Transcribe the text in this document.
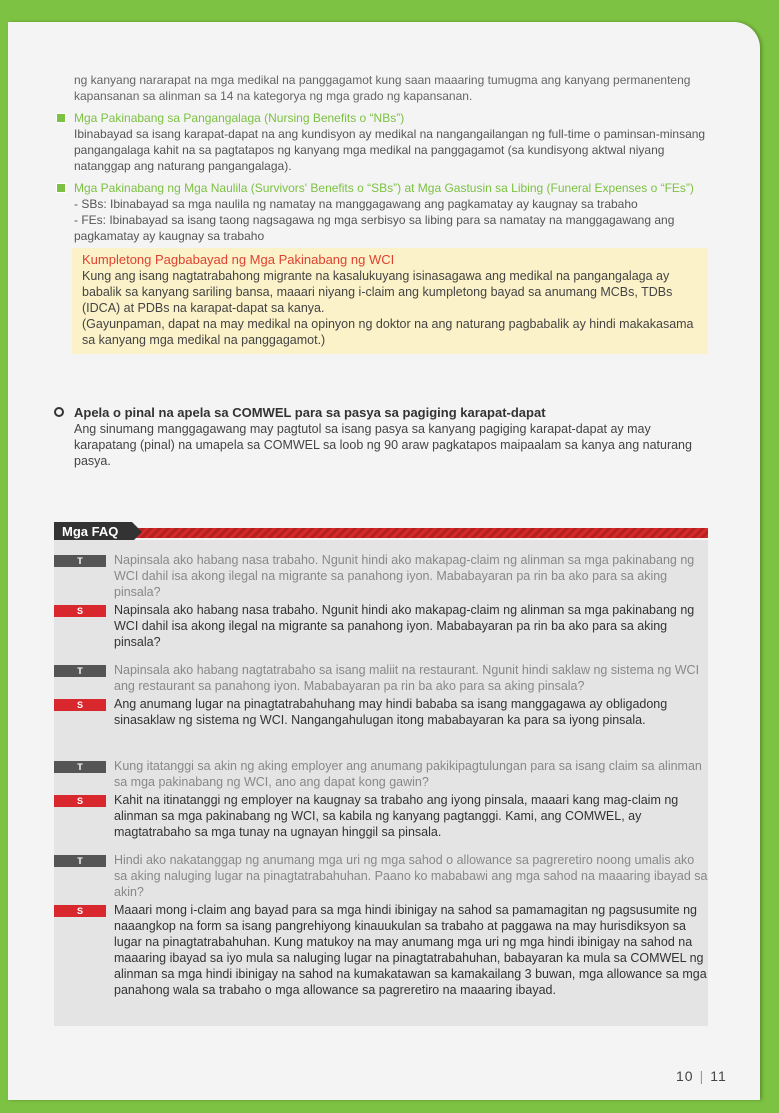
ng kanyang nararapat na mga medikal na panggagamot kung saan maaaring tumugma ang kanyang permanenteng kapansanan sa alinman sa 14 na kategorya ng mga grado ng kapansanan.
Mga Pakinabang sa Pangangalaga (Nursing Benefits o “NBs”)
Ibinabayad sa isang karapat-dapat na ang kundisyon ay medikal na nangangailangan ng full-time o paminsan-minsang pangangalaga kahit na sa pagtatapos ng kanyang mga medikal na panggagamot (sa kundisyong aktwal niyang natanggap ang naturang pangangalaga).
Mga Pakinabang ng Mga Naulila (Survivors' Benefits o “SBs”) at Mga Gastusin sa Libing (Funeral Expenses o “FEs”)
- SBs: Ibinabayad sa mga naulila ng namatay na manggagawang ang pagkamatay ay kaugnay sa trabaho
- FEs: Ibinabayad sa isang taong nagsagawa ng mga serbisyo sa libing para sa namatay na manggagawang ang pagkamatay ay kaugnay sa trabaho
Kumpletong Pagbabayad ng Mga Pakinabang ng WCI
Kung ang isang nagtatrabahong migrante na kasalukuyang isinasagawa ang medikal na pangangalaga ay babalik sa kanyang sariling bansa, maaari niyang i-claim ang kumpletong bayad sa anumang MCBs, TDBs (IDCA) at PDBs na karapat-dapat sa kanya.
(Gayunpaman, dapat na may medikal na opinyon ng doktor na ang naturang pagbabalik ay hindi makakasama sa kanyang mga medikal na panggagamot.)
Apela o pinal na apela sa COMWEL para sa pasya sa pagiging karapat-dapat
Ang sinumang manggagawang may pagtutol sa isang pasya sa kanyang pagiging karapat-dapat ay may karapatang (pinal) na umapela sa COMWEL sa loob ng 90 araw pagkatapos maipaalam sa kanya ang naturang pasya.
Mga FAQ
T	Napinsala ako habang nasa trabaho. Ngunit hindi ako makapag-claim ng alinman sa mga pakinabang ng WCI dahil isa akong ilegal na migrante sa panahong iyon. Mababayaran pa rin ba ako para sa aking pinsala?
S	Napinsala ako habang nasa trabaho. Ngunit hindi ako makapag-claim ng alinman sa mga pakinabang ng WCI dahil isa akong ilegal na migrante sa panahong iyon. Mababayaran pa rin ba ako para sa aking pinsala?
T	Napinsala ako habang nagtatrabaho sa isang maliit na restaurant. Ngunit hindi saklaw ng sistema ng WCI ang restaurant sa panahong iyon. Mababayaran pa rin ba ako para sa aking pinsala?
S	Ang anumang lugar na pinagtatrabahuhang may hindi bababa sa isang manggagawa ay obligadong sinasaklaw ng sistema ng WCI. Nangangahulugan itong mababayaran ka para sa iyong pinsala.
T	Kung itatanggi sa akin ng aking employer ang anumang pakikipagtulungan para sa isang claim sa alinman sa mga pakinabang ng WCI, ano ang dapat kong gawin?
S	Kahit na itinatanggi ng employer na kaugnay sa trabaho ang iyong pinsala, maaari kang mag-claim ng alinman sa mga pakinabang ng WCI, sa kabila ng kanyang pagtanggi. Kami, ang COMWEL, ay magtatrabaho sa mga tunay na ugnayan hinggil sa pinsala.
T	Hindi ako nakatanggap ng anumang mga uri ng mga sahod o allowance sa pagreretiro noong umalis ako sa aking naluging lugar na pinagtatrabahuhan. Paano ko mababawi ang mga sahod na maaaring ibayad sa akin?
S	Maaari mong i-claim ang bayad para sa mga hindi ibinigay na sahod sa pamamagitan ng pagsusumite ng naaangkop na form sa isang pangrehiyong kinauukulan sa trabaho at paggawa na may hurisdiksyon sa lugar na pinagtatrabahuhan. Kung matukoy na may anumang mga uri ng mga hindi ibinigay na sahod na maaaring ibayad sa iyo mula sa naluging lugar na pinagtatrabahuhan, babayaran ka mula sa COMWEL ng alinman sa mga hindi ibinigay na sahod na kumakatawan sa kamakailang 3 buwan, mga allowance sa mga panahong wala sa trabaho o mga allowance sa pagreretiro na maaaring ibayad.
10 | 11
